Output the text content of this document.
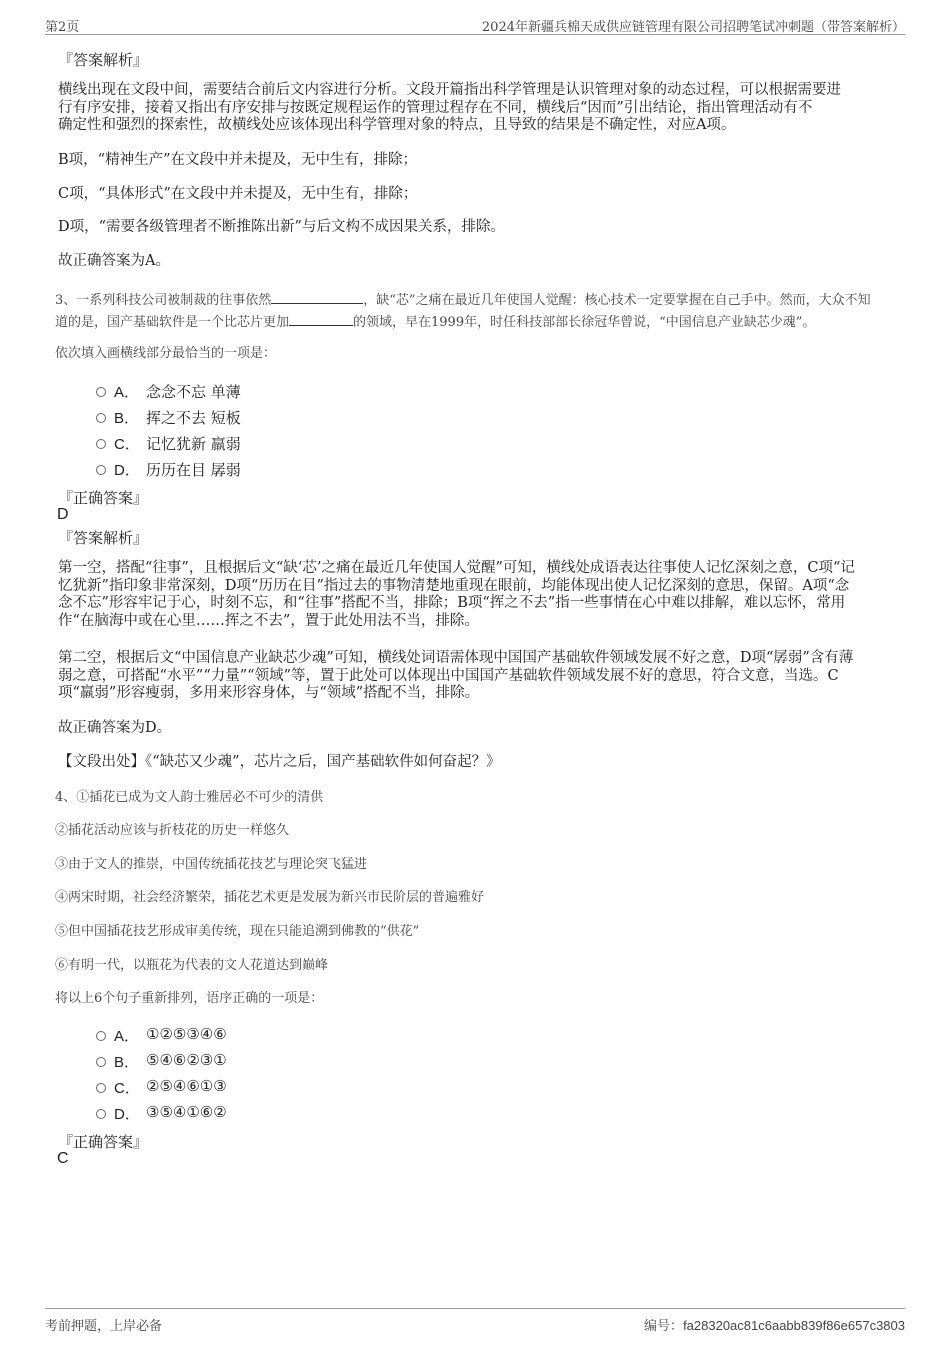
第2页	2024年新疆兵棉天成供应链管理有限公司招聘笔试冲刺题（带答案解析）
『答案解析』
横线出现在文段中间，需要结合前后文内容进行分析。文段开篇指出科学管理是认识管理对象的动态过程，可以根据需要进
行有序安排，接着又指出有序安排与按既定规程运作的管理过程存在不同，横线后“因而”引出结论，指出管理活动有不
确定性和强烈的探索性，故横线处应该体现出科学管理对象的特点，且导致的结果是不确定性，对应A项。
B项，“精神生产”在文段中并未提及，无中生有，排除；
C项，“具体形式”在文段中并未提及，无中生有，排除；
D项，“需要各级管理者不断推陈出新”与后文构不成因果关系，排除。
故正确答案为A。
3、一系列科技公司被制裁的往事依然	，缺“芯”之痛在最近几年使国人觉醒：核心技术一定要掌握在自己手中。然而，大众不知
道的是，国产基础软件是一个比芯片更加	的领域，早在1999年，时任科技部部长徐冠华曾说，“中国信息产业缺芯少魂”。
依次填入画横线部分最恰当的一项是：
A． 念念不忘 单薄
B． 挥之不去 短板
C． 记忆犹新 羸弱
D． 历历在目 孱弱
『正确答案』
D
『答案解析』
第一空，搭配“往事”，且根据后文“缺‘芯’之痛在最近几年使国人觉醒”可知，横线处成语表达往事使人记忆深刻之意，C项“记
忆犹新”指印象非常深刻，D项“历历在目”指过去的事物清楚地重现在眼前，均能体现出使人记忆深刻的意思，保留。A项“念
念不忘”形容牢记于心，时刻不忘，和“往事”搭配不当，排除；B项“挥之不去”指一些事情在心中难以排解，难以忘怀，常用
作“在脑海中或在心里……挥之不去”，置于此处用法不当，排除。
第二空，根据后文“中国信息产业缺芯少魂”可知，横线处词语需体现中国国产基础软件领域发展不好之意，D项“孱弱”含有薄
弱之意，可搭配“水平”“力量”“领域”等，置于此处可以体现出中国国产基础软件领域发展不好的意思，符合文意，当选。C
项“羸弱”形容瘦弱，多用来形容身体，与“领域”搭配不当，排除。
故正确答案为D。
【文段出处】《“缺芯又少魂”，芯片之后，国产基础软件如何奋起？》
4、①插花已成为文人韵士雅居必不可少的清供
②插花活动应该与折枝花的历史一样悠久
③由于文人的推崇，中国传统插花技艺与理论突飞猛进
④两宋时期，社会经济繁荣，插花艺术更是发展为新兴市民阶层的普遍雅好
⑤但中国插花技艺形成审美传统，现在只能追溯到佛教的“供花”
⑥有明一代，以瓶花为代表的文人花道达到巅峰
将以上6个句子重新排列，语序正确的一项是：
A． ①②⑤③④⑥
B． ⑤④⑥②③①
C． ②⑤④⑥①③
D． ③⑤④①⑥②
『正确答案』
C
考前押题，上岸必备	编号：fa28320ac81c6aabb839f86e657c3803
